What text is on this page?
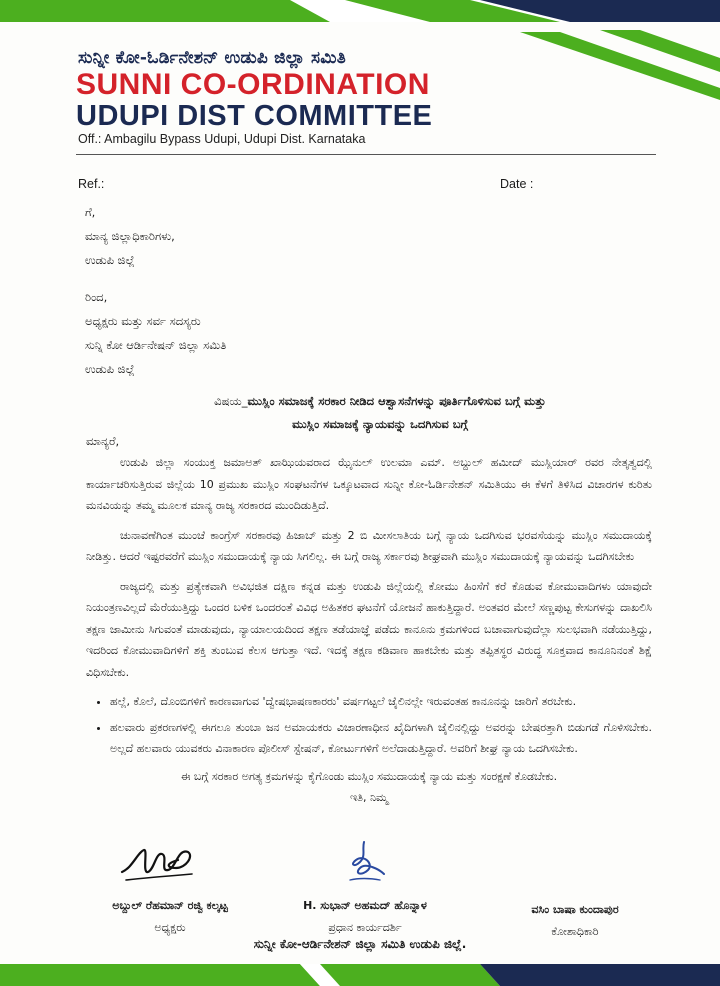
ಸುನ್ನೀ ಕೋ-ಓರ್ಡಿನೇಶನ್ ಉಡುಪಿ ಜಿಲ್ಲಾ ಸಮಿತಿ
SUNNI CO-ORDINATION
UDUPI DIST COMMITTEE
Off.: Ambagilu Bypass Udupi, Udupi Dist. Karnataka
Ref.:	Date :
ಗೆ,
ಮಾನ್ಯ ಜಿಲ್ಲಾಧಿಕಾರಿಗಳು,
ಉಡುಪಿ ಜಿಲ್ಲೆ
ರಿಂದ,
ಅಧ್ಯಕ್ಷರು ಮತ್ತು ಸರ್ವ ಸದಸ್ಯರು
ಸುನ್ನಿ ಕೋ ಆರ್ಡಿನೇಷನ್ ಜಿಲ್ಲಾ ಸಮಿತಿ
ಉಡುಪಿ ಜಿಲ್ಲೆ
ವಿಷಯ_ಮುಸ್ಲಿಂ ಸಮಾಜಕ್ಕೆ ಸರಕಾರ ನೀಡಿದ ಆಶ್ವಾಸನೆಗಳನ್ನು ಪೂರ್ತಿಗೊಳಿಸುವ ಬಗ್ಗೆ ಮತ್ತು
ಮುಸ್ಲಿಂ ಸಮಾಜಕ್ಕೆ ನ್ಯಾಯವನ್ನು ಒದಗಿಸುವ ಬಗ್ಗೆ
ಮಾನ್ಯರೆ,

ಉಡುಪಿ ಜಿಲ್ಲಾ ಸಂಯುಕ್ತ ಜಮಾಅತ್ ಖಾಝಿಯವರಾದ ಝೈನುಲ್ ಉಲಮಾ ಎಮ್. ಅಬ್ದುಲ್ ಹಮೀದ್ ಮುಸ್ಲಿಯಾರ್ ರವರ ನೇತೃತ್ವದಲ್ಲಿ ಕಾರ್ಯಾಚರಿಸುತ್ತಿರುವ ಜಿಲ್ಲೆಯ 10 ಪ್ರಮುಖ ಮುಸ್ಲಿಂ ಸಂಘಟನೆಗಳ ಒಕ್ಕೂಟವಾದ ಸುನ್ನೀ ಕೋ-ಓರ್ಡಿನೇಶನ್ ಸಮಿತಿಯು ಈ ಕೆಳಗೆ ತಿಳಿಸಿದ ವಿಚಾರಗಳ ಕುರಿತು ಮನವಿಯನ್ನು ತಮ್ಮ ಮೂಲಕ ಮಾನ್ಯ ರಾಜ್ಯ ಸರಕಾರದ ಮುಂದಿಡುತ್ತಿದೆ.

ಚುನಾವಣೆಗಿಂತ ಮುಂಚೆ ಕಾಂಗ್ರೆಸ್ ಸರಕಾರವು ಹಿಜಾಬ್ ಮತ್ತು 2 ಬಿ ಮೀಸಲಾತಿಯ ಬಗ್ಗೆ ನ್ಯಾಯ ಒದಗಿಸುವ ಭರವಸೆಯನ್ನು ಮುಸ್ಲಿಂ ಸಮುದಾಯಕ್ಕೆ ನೀಡಿತ್ತು. ಆದರೆ ಇಷ್ಟರವರೆಗೆ ಮುಸ್ಲಿಂ ಸಮುದಾಯಕ್ಕೆ ನ್ಯಾಯ ಸಿಗಲಿಲ್ಲ. ಈ ಬಗ್ಗೆ ರಾಜ್ಯ ಸರ್ಕಾರವು ಶೀಘ್ರವಾಗಿ ಮುಸ್ಲಿಂ ಸಮುದಾಯಕ್ಕೆ ನ್ಯಾಯವನ್ನು ಒದಗಿಸಬೇಕು

ರಾಜ್ಯದಲ್ಲಿ ಮತ್ತು ಪ್ರತ್ಯೇಕವಾಗಿ ಅವಿಭಜಿತ ದಕ್ಷಿಣ ಕನ್ನಡ ಮತ್ತು ಉಡುಪಿ ಜಿಲ್ಲೆಯಲ್ಲಿ ಕೋಮು ಹಿಂಸೆಗೆ ಕರೆ ಕೊಡುವ ಕೋಮುವಾದಿಗಳು ಯಾವುದೇ ನಿಯಂತ್ರಣವಿಲ್ಲದೆ ಮೆರೆಯುತ್ತಿದ್ದು ಒಂದರ ಬಳಿಕ ಒಂದರಂತೆ ವಿವಿಧ ಅಹಿತಕರ ಘಟನೆಗೆ ಯೋಜನೆ ಹಾಕುತ್ತಿದ್ದಾರೆ. ಅಂತವರ ಮೇಲೆ ಸಣ್ಣಪುಟ್ಟ ಕೇಸುಗಳನ್ನು ದಾಖಲಿಸಿ ತಕ್ಷಣ ಜಾಮೀನು ಸಿಗುವಂತೆ ಮಾಡುವುದು, ನ್ಯಾಯಾಲಯದಿಂದ ತಕ್ಷಣ ತಡೆಯಾಜ್ಞೆ ಪಡೆದು ಕಾನೂನು ಕ್ರಮಗಳಿಂದ ಬಚಾವಾಗುವುದೆಲ್ಲಾ ಸುಲಭವಾಗಿ ನಡೆಯುತ್ತಿದ್ದು, ಇದರಿಂದ ಕೋಮುವಾದಿಗಳಿಗೆ ಶಕ್ತಿ ತುಂಬುವ ಕೆಲಸ ಆಗುತ್ತಾ ಇದೆ. ಇದಕ್ಕೆ ತಕ್ಷಣ ಕಡಿವಾಣ ಹಾಕಬೇಕು ಮತ್ತು ತಪ್ಪಿತಸ್ಥರ ವಿರುದ್ಧ ಸೂಕ್ತವಾದ ಕಾನೂನಿನಂತೆ ಶಿಕ್ಷೆ ವಿಧಿಸಬೇಕು.

• ಹಲ್ಲೆ, ಕೊಲೆ, ದೊಂಬಿಗಳಿಗೆ ಕಾರಣವಾಗುವ 'ದ್ವೇಷಭಾಷಣಕಾರರು' ವರ್ಷಗಟ್ಟಲೆ ಜೈಲಿನಲ್ಲೇ ಇರುವಂತಹ ಕಾನೂನನ್ನು ಜಾರಿಗೆ ತರಬೇಕು.
• ಹಲವಾರು ಪ್ರಕರಣಗಳಲ್ಲಿ ಈಗಲೂ ತುಂಬಾ ಜನ ಅಮಾಯಕರು ವಿಚಾರಣಾಧೀನ ಖೈದಿಗಳಾಗಿ ಜೈಲಿನಲ್ಲಿದ್ದು ಅವರನ್ನು ಬೇಷರತ್ತಾಗಿ ಬಿಡುಗಡೆ ಗೊಳಿಸಬೇಕು. ಅಲ್ಲದೆ ಹಲವಾರು ಯುವಕರು ವಿನಾಕಾರಣ ಪೊಲೀಸ್ ಸ್ಟೇಷನ್, ಕೋರ್ಟುಗಳಿಗೆ ಅಲೆದಾಡುತ್ತಿದ್ದಾರೆ. ಅವರಿಗೆ ಶೀಘ್ರ ನ್ಯಾಯ ಒದಗಿಸಬೇಕು.

ಈ ಬಗ್ಗೆ ಸರಕಾರ ಅಗತ್ಯ ಕ್ರಮಗಳನ್ನು ಕೈಗೊಂಡು ಮುಸ್ಲಿಂ ಸಮುದಾಯಕ್ಕೆ ನ್ಯಾಯ ಮತ್ತು ಸಂರಕ್ಷಣೆ ಕೊಡಬೇಕು.

ಇತಿ, ನಿಮ್ಮ

ಅಬ್ದುಲ್ ರೆಹಮಾನ್ ರಜ್ವಿ ಕಲ್ಕಟ್ಟ
ಅಧ್ಯಕ್ಷರು
H. ಸುಭಾನ್ ಅಹಮದ್ ಹೊನ್ನಾಳ
ಪ್ರಧಾನ ಕಾರ್ಯದರ್ಶಿ
ವಸಿಂ ಬಾಷಾ ಕುಂದಾಪುರ
ಕೋಶಾಧಿಕಾರಿ
ಸುನ್ನೀ ಕೋ-ಆರ್ಡಿನೇಶನ್ ಜಿಲ್ಲಾ ಸಮಿತಿ ಉಡುಪಿ ಜಿಲ್ಲೆ.
